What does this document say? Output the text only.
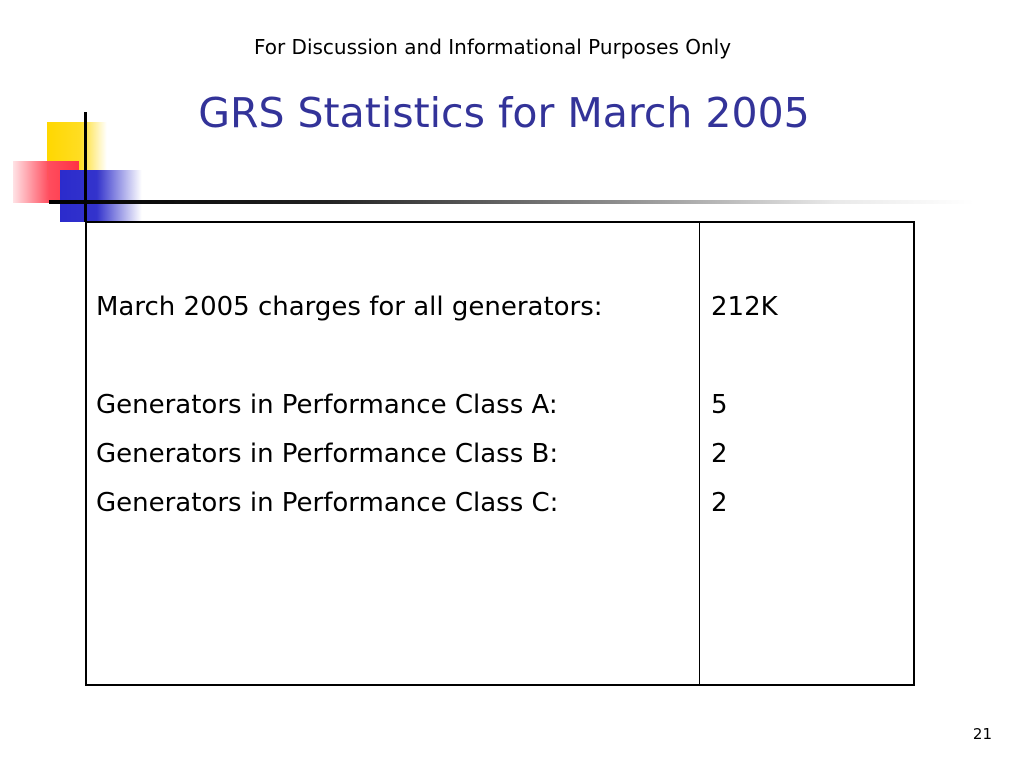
For Discussion and Informational Purposes Only
GRS Statistics for March 2005
March 2005 charges for all generators:	212K
Generators in Performance Class A:	5
Generators in Performance Class B:	2
Generators in Performance Class C:	2
21
